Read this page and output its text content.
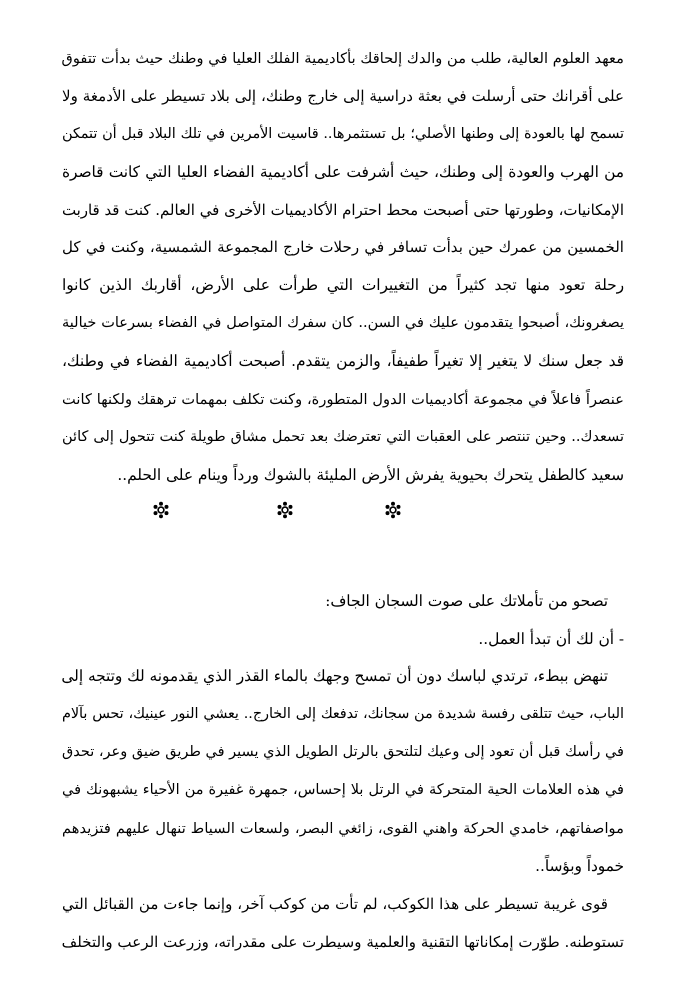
معهد العلوم العالية، طلب من والدك إلحاقك بأكاديمية الفلك العليا في وطنك حيث بدأت تتفوق
على أقرانك حتى أرسلت في بعثة دراسية إلى خارج وطنك، إلى بلاد تسيطر على الأدمغة ولا
تسمح لها بالعودة إلى وطنها الأصلي؛ بل تستثمرها.. قاسيت الأمرين في تلك البلاد قبل أن تتمكن
من الهرب والعودة إلى وطنك، حيث أشرفت على أكاديمية الفضاء العليا التي كانت قاصرة
الإمكانيات، وطورتها حتى أصبحت محط احترام الأكاديميات الأخرى في العالم. كنت قد قاربت
الخمسين من عمرك حين بدأت تسافر في رحلات خارج المجموعة الشمسية، وكنت في كل
رحلة تعود منها تجد كثيراً من التغييرات التي طرأت على الأرض، أقاربك الذين كانوا
يصغرونك، أصبحوا يتقدمون عليك في السن.. كان سفرك المتواصل في الفضاء بسرعات خيالية
قد جعل سنك لا يتغير إلا تغيراً طفيفاً، والزمن يتقدم. أصبحت أكاديمية الفضاء في وطنك،
عنصراً فاعلاً في مجموعة أكاديميات الدول المتطورة، وكنت تكلف بمهمات ترهقك ولكنها كانت
تسعدك.. وحين تنتصر على العقبات التي تعترضك بعد تحمل مشاق طويلة كنت تتحول إلى كائن
سعيد كالطفل يتحرك بحيوية يفرش الأرض المليئة بالشوك ورداً وينام على الحلم..
تصحو من تأملاتك على صوت السجان الجاف:
- أن لك أن تبدأ العمل..
تنهض ببطء، ترتدي لباسك دون أن تمسح وجهك بالماء القذر الذي يقدمونه لك وتتجه إلى
الباب، حيث تتلقى رفسة شديدة من سجانك، تدفعك إلى الخارج.. يعشي النور عينيك، تحس بآلام
في رأسك قبل أن تعود إلى وعيك لتلتحق بالرتل الطويل الذي يسير في طريق ضيق وعر، تحدق
في هذه العلامات الحية المتحركة في الرتل بلا إحساس، جمهرة غفيرة من الأحياء يشبهونك في
مواصفاتهم، خامدي الحركة واهني القوى، زائغي البصر، ولسعات السياط تنهال عليهم فتزيدهم
خموداً وبؤساً..
قوى غريبة تسيطر على هذا الكوكب، لم تأت من كوكب آخر، وإنما جاءت من القبائل التي
تستوطنه. طوّرت إمكاناتها التقنية والعلمية وسيطرت على مقدراته، وزرعت الرعب والتخلف
